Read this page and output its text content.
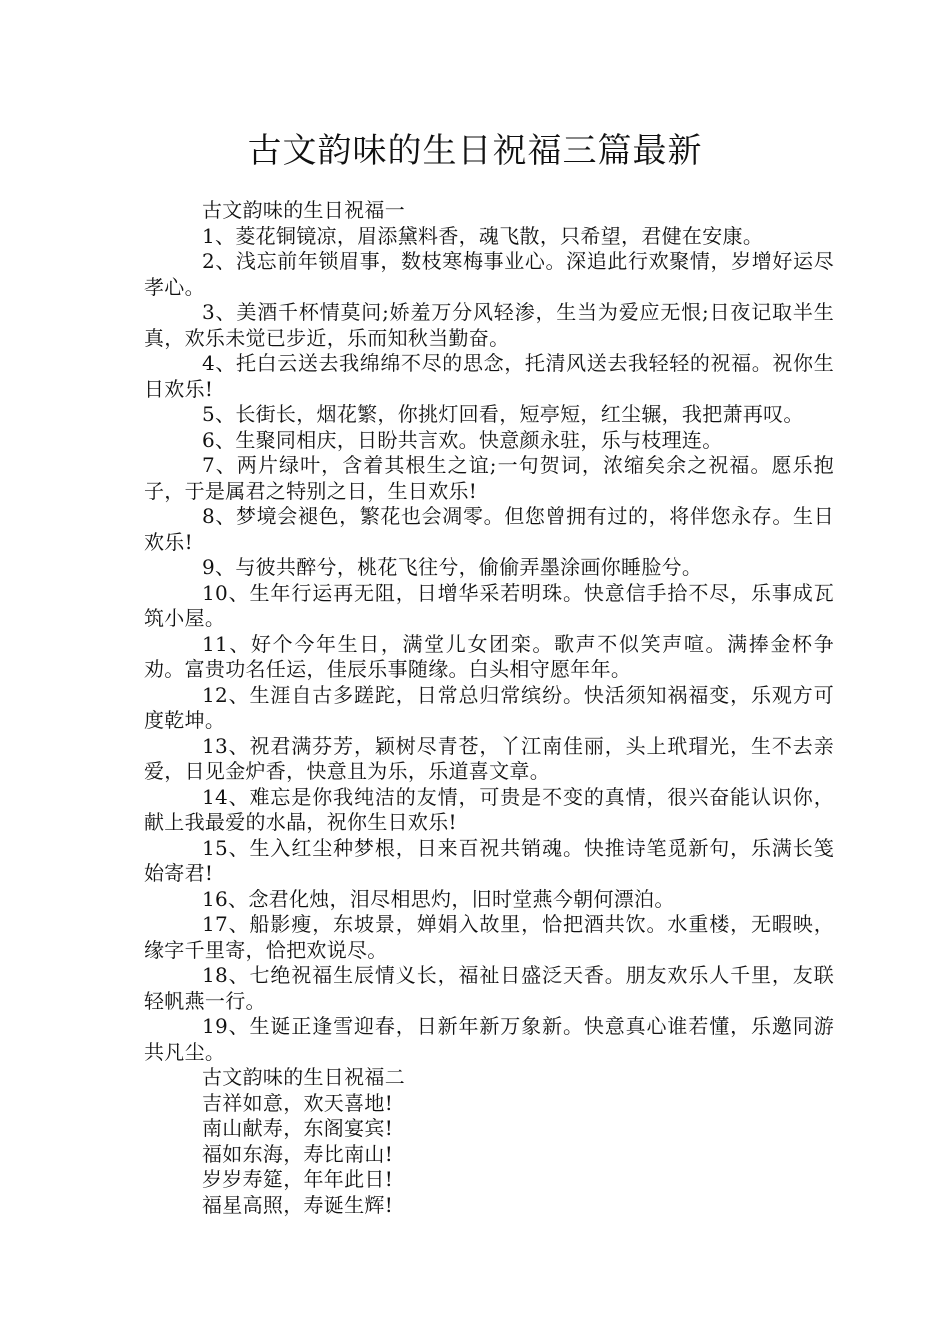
古文韵味的生日祝福三篇最新

古文韵味的生日祝福一

1、菱花铜镜凉，眉添黛料香，魂飞散，只希望，君健在安康。

2、浅忘前年锁眉事，数枝寒梅事业心。深追此行欢聚情，岁增好运尽孝心。

3、美酒千杯情莫问;娇羞万分风轻渗，生当为爱应无恨;日夜记取半生真，欢乐未觉已步近，乐而知秋当勤奋。

4、托白云送去我绵绵不尽的思念，托清风送去我轻轻的祝福。祝你生日欢乐!

5、长街长，烟花繁，你挑灯回看，短亭短，红尘辗，我把萧再叹。

6、生聚同相庆，日盼共言欢。快意颜永驻，乐与枝理连。

7、两片绿叶，含着其根生之谊;一句贺词，浓缩矣余之祝福。愿乐抱子，于是属君之特别之日，生日欢乐!

8、梦境会褪色，繁花也会凋零。但您曾拥有过的，将伴您永存。生日欢乐!

9、与彼共醉兮，桃花飞往兮，偷偷弄墨涂画你睡脸兮。

10、生年行运再无阻，日增华采若明珠。快意信手拾不尽，乐事成瓦筑小屋。

11、好个今年生日，满堂儿女团栾。歌声不似笑声喧。满捧金杯争劝。富贵功名任运，佳辰乐事随缘。白头相守愿年年。

12、生涯自古多蹉跎，日常总归常缤纷。快活须知祸福变，乐观方可度乾坤。

13、祝君满芬芳，颖树尽青苍，丫江南佳丽，头上玳瑁光，生不去亲爱，日见金炉香，快意且为乐，乐道喜文章。

14、难忘是你我纯洁的友情，可贵是不变的真情，很兴奋能认识你，献上我最爱的水晶，祝你生日欢乐!

15、生入红尘种梦根，日来百祝共销魂。快推诗笔觅新句，乐满长笺始寄君!

16、念君化烛，泪尽相思灼，旧时堂燕今朝何漂泊。

17、船影瘦，东坡景，婵娟入故里，恰把酒共饮。水重楼，无暇映，缘字千里寄，恰把欢说尽。

18、七绝祝福生辰情义长，福祉日盛泛天香。朋友欢乐人千里，友联轻帆燕一行。

19、生诞正逢雪迎春，日新年新万象新。快意真心谁若懂，乐邀同游共凡尘。

古文韵味的生日祝福二

吉祥如意，欢天喜地!

南山献寿，东阁宴宾!

福如东海，寿比南山!

岁岁寿筵，年年此日!

福星高照，寿诞生辉!
